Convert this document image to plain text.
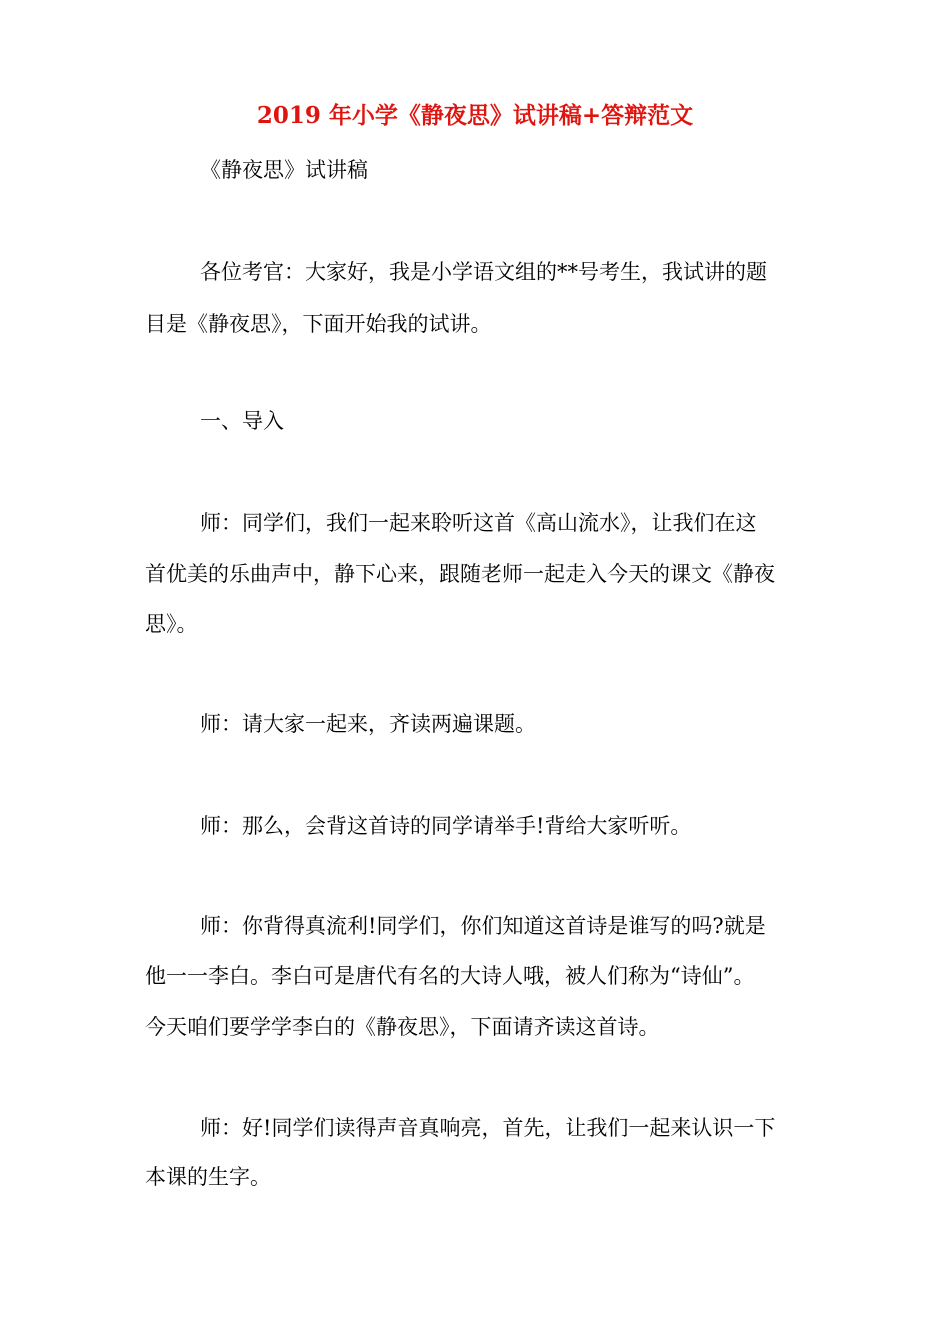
2019 年小学《静夜思》试讲稿+答辩范文
《静夜思》试讲稿
各位考官：大家好，我是小学语文组的**号考生，我试讲的题
目是《静夜思》，下面开始我的试讲。
一、导入
师：同学们，我们一起来聆听这首《高山流水》，让我们在这
首优美的乐曲声中，静下心来，跟随老师一起走入今天的课文《静夜
思》。
师：请大家一起来，齐读两遍课题。
师：那么，会背这首诗的同学请举手!背给大家听听。
师：你背得真流利!同学们，你们知道这首诗是谁写的吗?就是
他一一李白。李白可是唐代有名的大诗人哦，被人们称为“诗仙”。
今天咱们要学学李白的《静夜思》，下面请齐读这首诗。
师：好!同学们读得声音真响亮，首先，让我们一起来认识一下
本课的生字。
